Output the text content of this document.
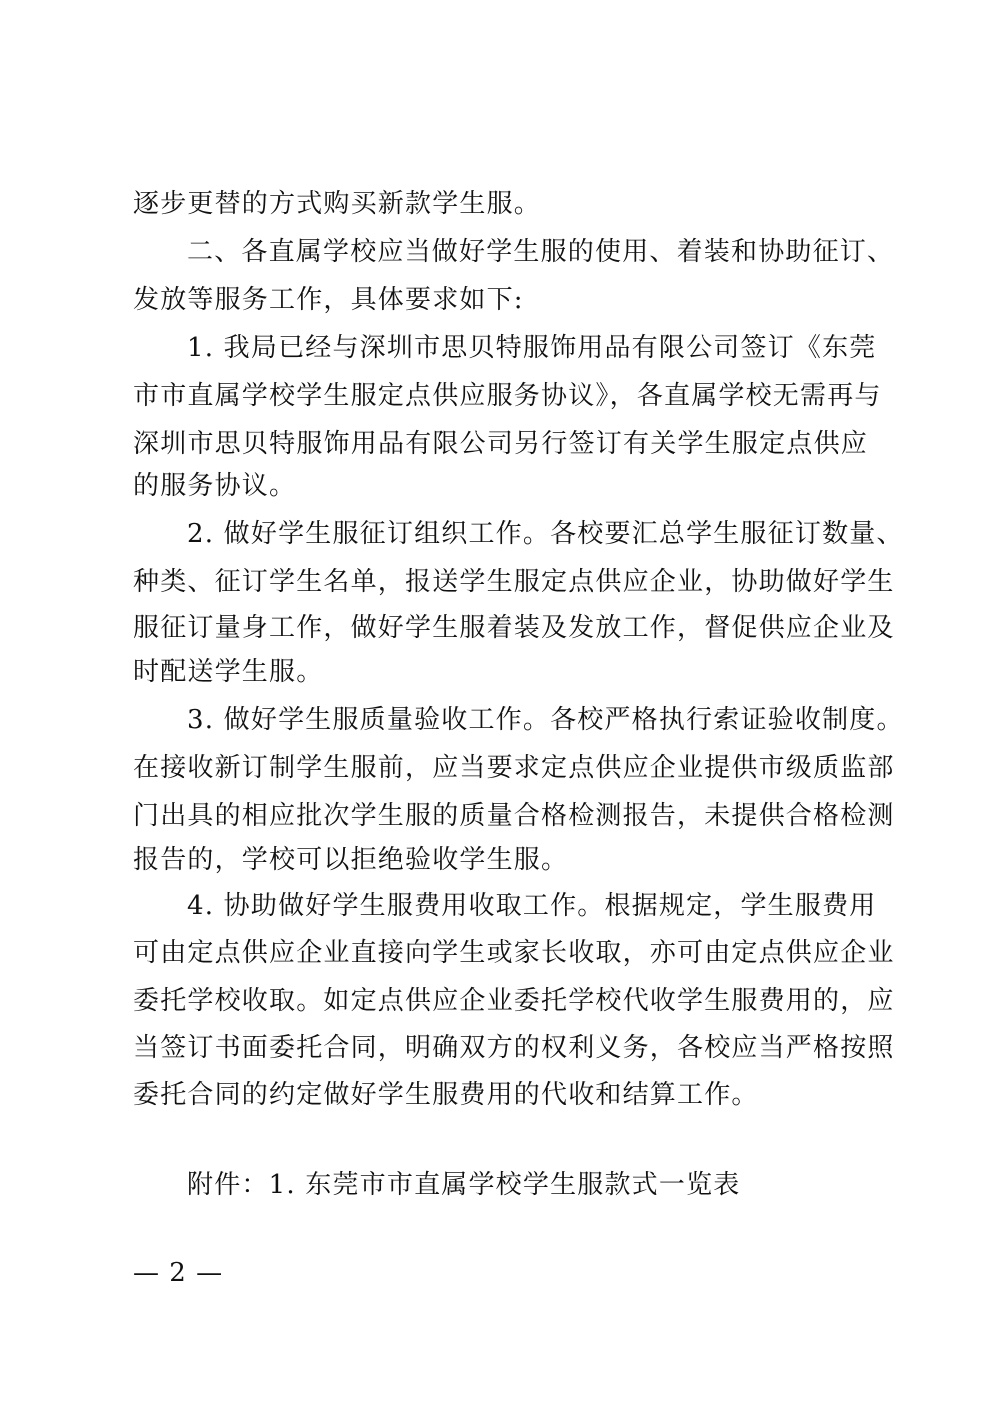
逐步更替的方式购买新款学生服。
二、各直属学校应当做好学生服的使用、着装和协助征订、
发放等服务工作，具体要求如下:
1. 我局已经与深圳市思贝特服饰用品有限公司签订《东莞
市市直属学校学生服定点供应服务协议》，各直属学校无需再与
深圳市思贝特服饰用品有限公司另行签订有关学生服定点供应
的服务协议。
2. 做好学生服征订组织工作。各校要汇总学生服征订数量、
种类、征订学生名单，报送学生服定点供应企业，协助做好学生
服征订量身工作，做好学生服着装及发放工作，督促供应企业及
时配送学生服。
3. 做好学生服质量验收工作。各校严格执行索证验收制度。
在接收新订制学生服前，应当要求定点供应企业提供市级质监部
门出具的相应批次学生服的质量合格检测报告，未提供合格检测
报告的，学校可以拒绝验收学生服。
4. 协助做好学生服费用收取工作。根据规定，学生服费用
可由定点供应企业直接向学生或家长收取，亦可由定点供应企业
委托学校收取。如定点供应企业委托学校代收学生服费用的，应
当签订书面委托合同，明确双方的权利义务，各校应当严格按照
委托合同的约定做好学生服费用的代收和结算工作。
附件：1. 东莞市市直属学校学生服款式一览表
— 2 —
